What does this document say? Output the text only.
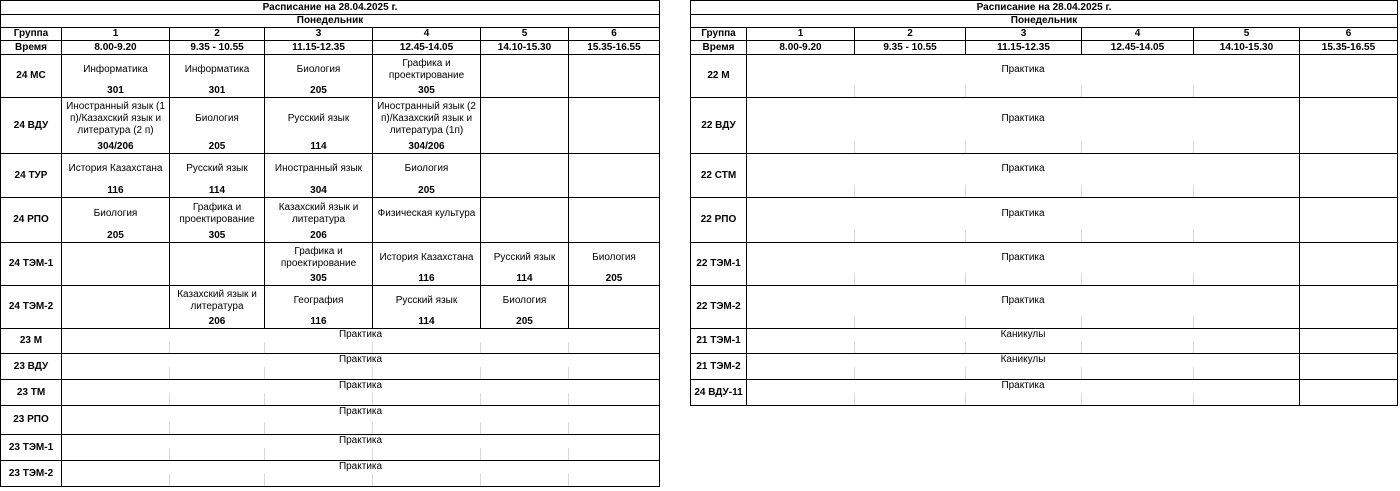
Расписание на 28.04.2025 г.						
Понедельник						
Группа	1	2	3	4	5	6
Время	8.00-9.20	9.35 - 10.55	11.15-12.35	12.45-14.05	14.10-15.30	15.35-16.55
24 МС	Информатика	Информатика	Биология	Графика и проектирование		
	301	301	205	305		
24 ВДУ	Иностранный язык (1 п)/Казахский язык и литература (2 п)	Биология	Русский язык	Иностранный язык (2 п)/Казахский язык и литература (1п)		
	304/206	205	114	304/206		
24 ТУР	История Казахстана	Русский язык	Иностранный язык	Биология		
	116	114	304	205		
24 РПО	Биология	Графика и проектирование	Казахский язык и литература	Физическая культура		
	205	305	206			
24 ТЭМ-1			Графика и проектирование	История Казахстана	Русский язык	Биология
			305	116	114	205
24 ТЭМ-2		Казахский язык и литература	География	Русский язык	Биология	
		206	116	114	205	
23 М	Практика					

23 ВДУ	Практика					

23 ТМ	Практика					

23 РПО	Практика					

23 ТЭМ-1	Практика					

23 ТЭМ-2	Практика					

Расписание на 28.04.2025 г.						
Понедельник						
Группа	1	2	3	4	5	6
Время	8.00-9.20	9.35 - 10.55	11.15-12.35	12.45-14.05	14.10-15.30	15.35-16.55
22 М	Практика					

22 ВДУ	Практика					

22 СТМ	Практика					

22 РПО	Практика					

22 ТЭМ-1	Практика					

22 ТЭМ-2	Практика					

21 ТЭМ-1	Каникулы					

21 ТЭМ-2	Каникулы					

24 ВДУ-11	Практика					
